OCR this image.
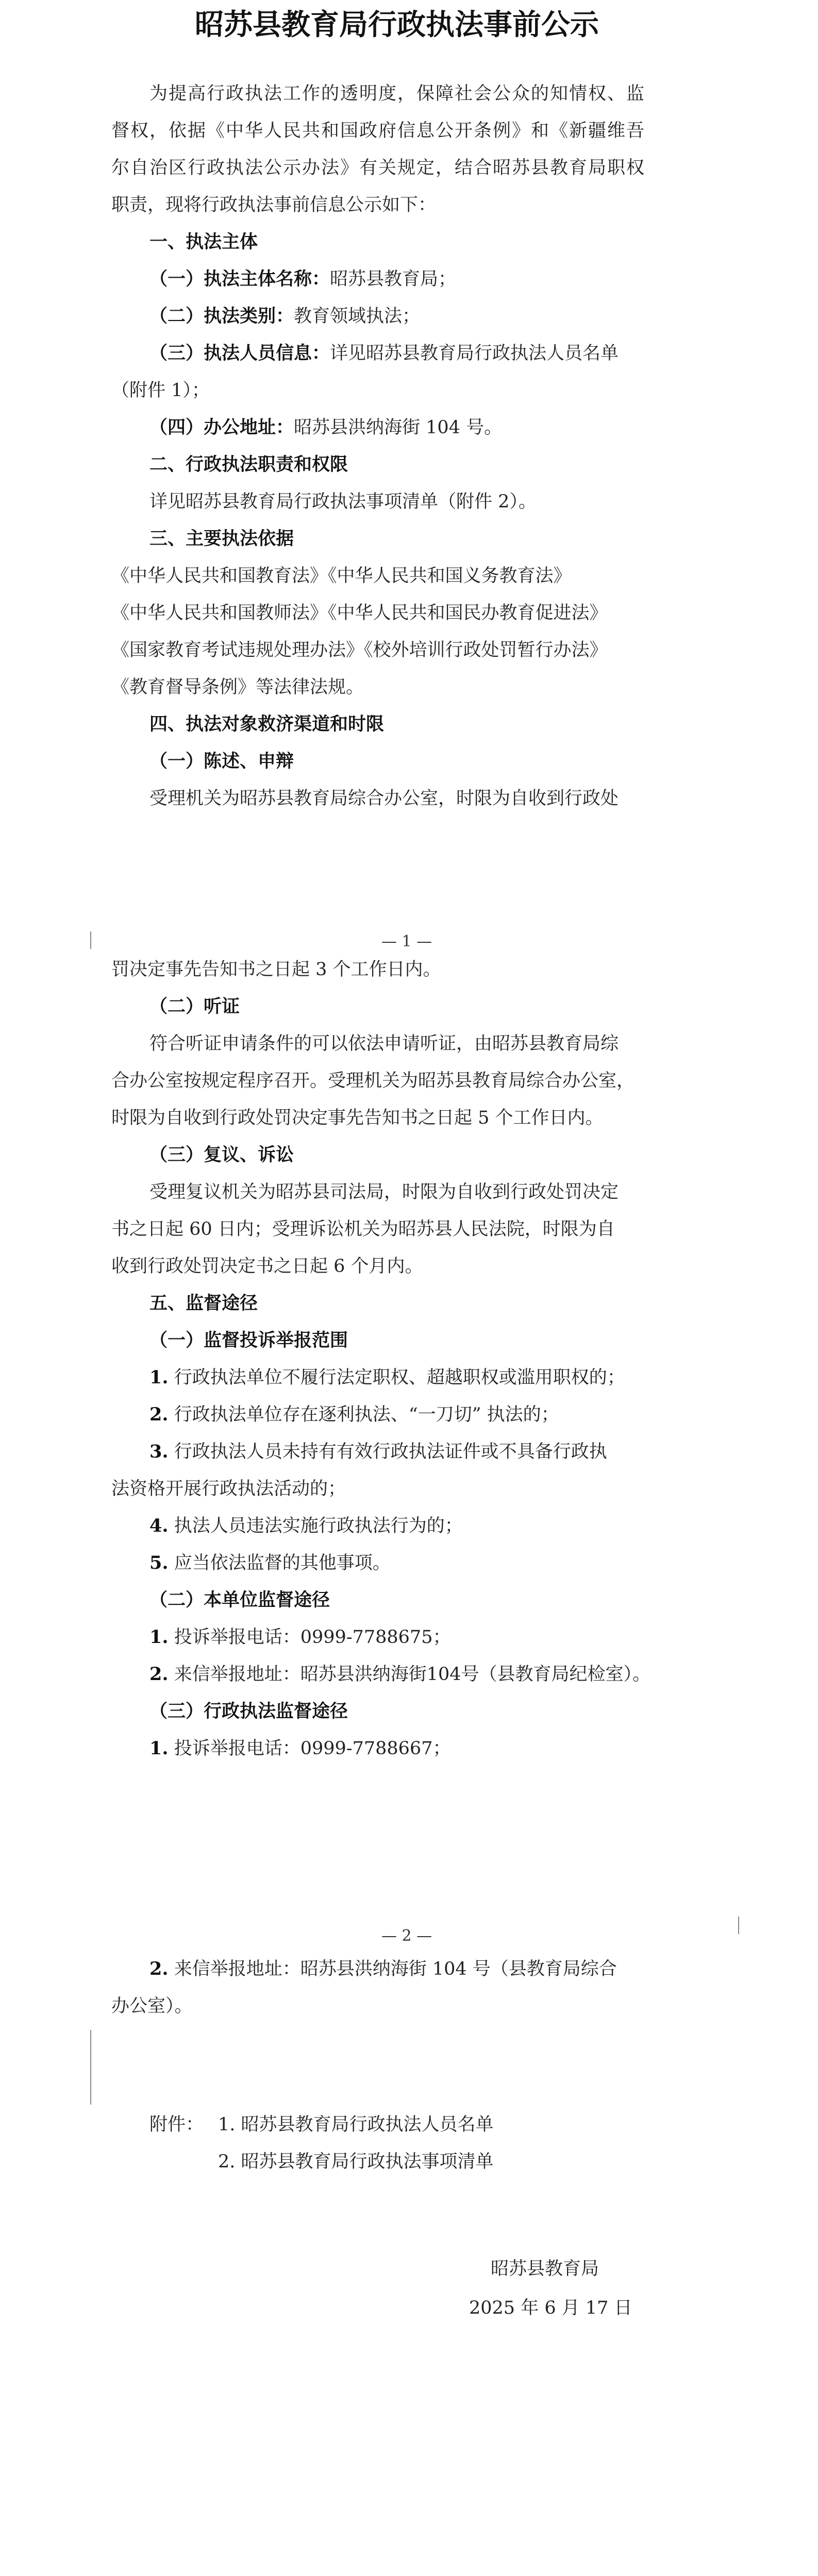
昭苏县教育局行政执法事前公示
为提高行政执法工作的透明度，保障社会公众的知情权、监
督权，依据《中华人民共和国政府信息公开条例》和《新疆维吾
尔自治区行政执法公示办法》有关规定，结合昭苏县教育局职权
职责，现将行政执法事前信息公示如下：
一、执法主体
（一）执法主体名称：昭苏县教育局；
（二）执法类别：教育领域执法；
（三）执法人员信息：详见昭苏县教育局行政执法人员名单
（附件 1）；
（四）办公地址：昭苏县洪纳海街 104 号。
二、行政执法职责和权限
详见昭苏县教育局行政执法事项清单（附件 2）。
三、主要执法依据
《中华人民共和国教育法》《中华人民共和国义务教育法》
《中华人民共和国教师法》《中华人民共和国民办教育促进法》
《国家教育考试违规处理办法》《校外培训行政处罚暂行办法》
《教育督导条例》等法律法规。
四、执法对象救济渠道和时限
（一）陈述、申辩
受理机关为昭苏县教育局综合办公室，时限为自收到行政处
— 1 —
罚决定事先告知书之日起 3 个工作日内。
（二）听证
符合听证申请条件的可以依法申请听证，由昭苏县教育局综
合办公室按规定程序召开。受理机关为昭苏县教育局综合办公室，
时限为自收到行政处罚决定事先告知书之日起 5 个工作日内。
（三）复议、诉讼
受理复议机关为昭苏县司法局，时限为自收到行政处罚决定
书之日起 60 日内；受理诉讼机关为昭苏县人民法院，时限为自
收到行政处罚决定书之日起 6 个月内。
五、监督途径
（一）监督投诉举报范围
1. 行政执法单位不履行法定职权、超越职权或滥用职权的；
2. 行政执法单位存在逐利执法、“一刀切” 执法的；
3. 行政执法人员未持有有效行政执法证件或不具备行政执
法资格开展行政执法活动的；
4. 执法人员违法实施行政执法行为的；
5. 应当依法监督的其他事项。
（二）本单位监督途径
1. 投诉举报电话：0999-7788675；
2. 来信举报地址：昭苏县洪纳海街104号（县教育局纪检室）。
（三）行政执法监督途径
1. 投诉举报电话：0999-7788667；
— 2 —
2. 来信举报地址：昭苏县洪纳海街 104 号（县教育局综合
办公室）。
附件： 1. 昭苏县教育局行政执法人员名单
2. 昭苏县教育局行政执法事项清单
昭苏县教育局
2025 年 6 月 17 日
